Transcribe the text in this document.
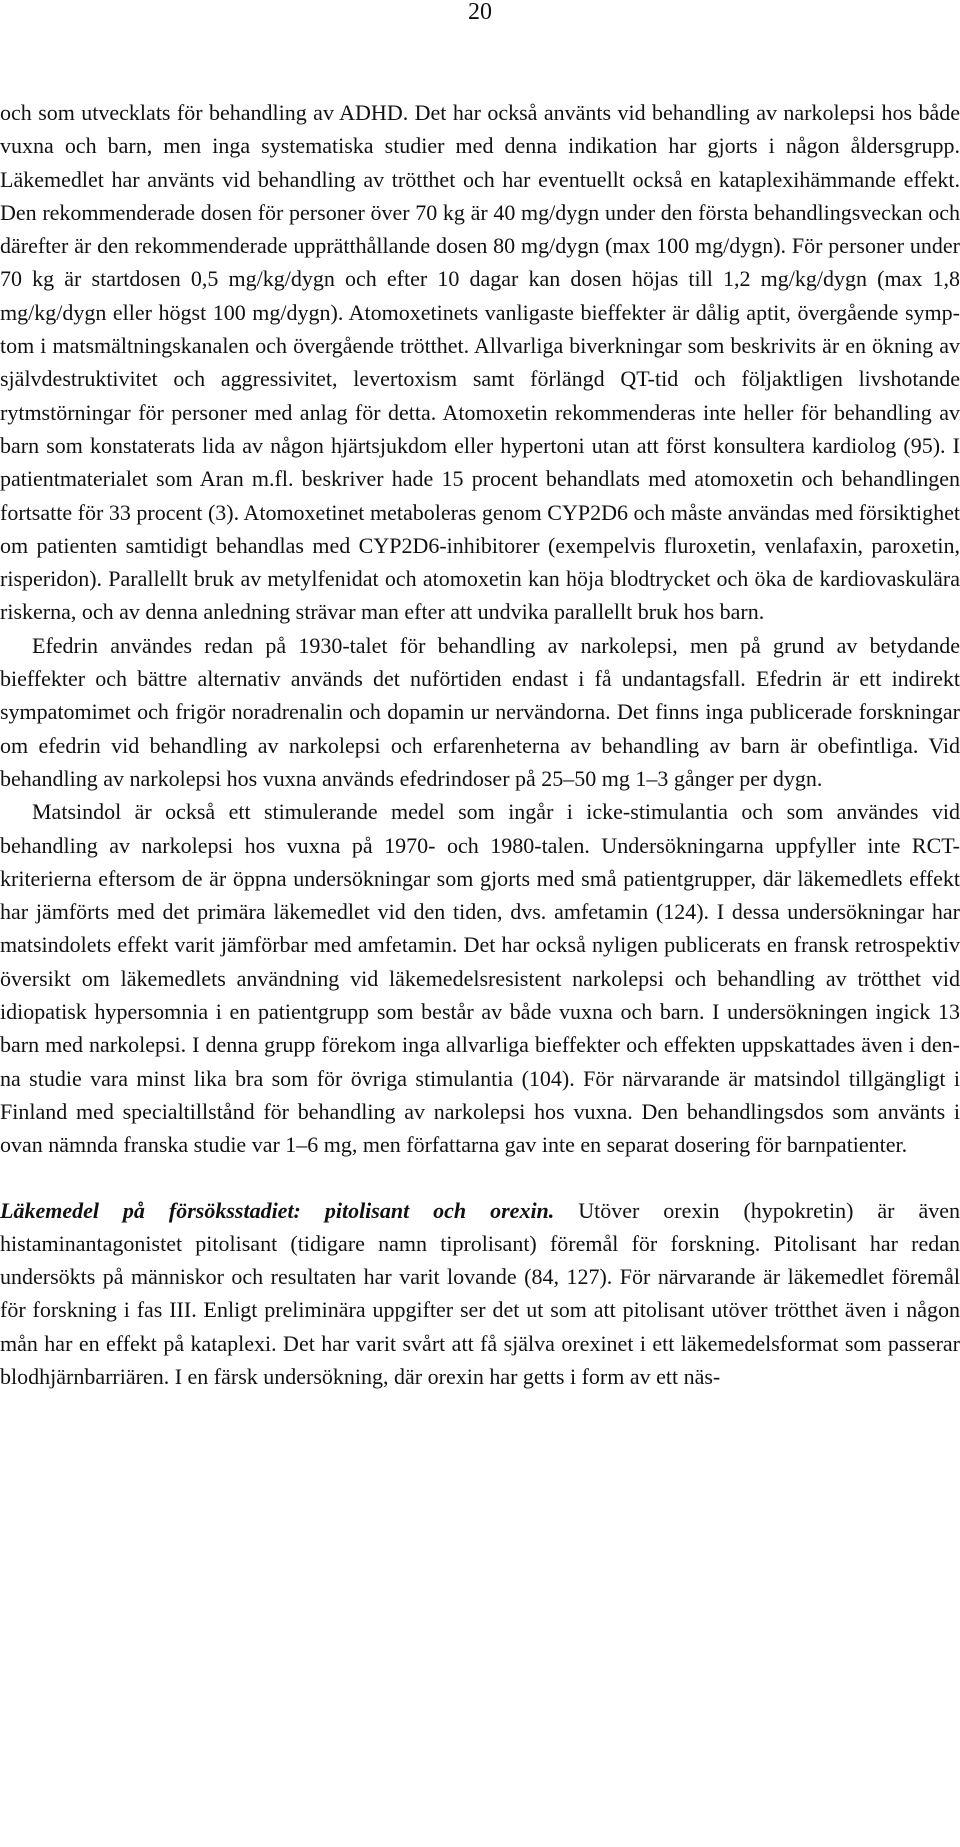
20

och som utvecklats för behandling av ADHD. Det har också använts vid behandling av narkolepsi hos både vuxna och barn, men inga systematiska studier med denna indikation har gjorts i någon åldersgrupp. Läkemedlet har använts vid behandling av trötthet och har eventuellt också en kataplexihämmande effekt. Den rekommenderade dosen för personer över 70 kg är 40 mg/dygn under den första behandlingsveckan och därefter är den rekommenderade upprätthållande dosen 80 mg/dygn (max 100 mg/dygn). För personer under 70 kg är startdosen 0,5 mg/kg/dygn och efter 10 dagar kan dosen höjas till 1,2 mg/kg/dygn (max 1,8 mg/kg/dygn eller högst 100 mg/dygn). Atomoxetinets vanligaste bieffekter är dålig aptit, övergående symptom i matsmältningskanalen och övergående trötthet. Allvarliga biverkningar som beskrivits är en ökning av självdestruktivitet och aggressivitet, levertoxism samt förlängd QT-tid och följaktligen livshotande rytmstörningar för personer med anlag för detta. Atomoxetin rekommenderas inte heller för behandling av barn som konstaterats lida av någon hjärtsjukdom eller hypertoni utan att först konsultera kardiolog (95). I patientmaterialet som Aran m.fl. beskriver hade 15 procent behandlats med atomoxetin och behandlingen fortsatte för 33 procent (3). Atomoxetinet metaboleras genom CYP2D6 och måste användas med försiktighet om patienten samtidigt behandlas med CYP2D6-inhibitorer (exempelvis fluroxetin, venlafaxin, paroxetin, risperidon). Parallellt bruk av metylfenidat och atomoxetin kan höja blodtrycket och öka de kardiovaskulära riskerna, och av denna anledning strävar man efter att undvika parallellt bruk hos barn.

Efedrin användes redan på 1930-talet för behandling av narkolepsi, men på grund av betydande bieffekter och bättre alternativ används det nuförtiden endast i få undantagsfall. Efedrin är ett indirekt sympatomimet och frigör noradrenalin och dopamin ur nervändorna. Det finns inga publicerade forskningar om efedrin vid behandling av narkolepsi och erfarenheterna av behandling av barn är obefintliga. Vid behandling av narkolepsi hos vuxna används efedrindoser på 25–50 mg 1–3 gånger per dygn.

Matsindol är också ett stimulerande medel som ingår i icke-stimulantia och som användes vid behandling av narkolepsi hos vuxna på 1970- och 1980-talen. Undersökningarna uppfyller inte RCT-kriterierna eftersom de är öppna undersökningar som gjorts med små patientgrupper, där läkemedlets effekt har jämförts med det primära läkemedlet vid den tiden, dvs. amfetamin (124). I dessa undersökningar har matsindolets effekt varit jämförbar med amfetamin. Det har också nyligen publicerats en fransk retrospektiv översikt om läkemedlets användning vid läkemedelsresistent narkolepsi och behandling av trötthet vid idiopatisk hypersomnia i en patientgrupp som består av både vuxna och barn. I undersökningen ingick 13 barn med narkolepsi. I denna grupp förekom inga allvarliga bieffekter och effekten uppskattades även i denna studie vara minst lika bra som för övriga stimulantia (104). För närvarande är matsindol tillgängligt i Finland med specialtillstånd för behandling av narkolepsi hos vuxna. Den behandlingsdos som använts i ovan nämnda franska studie var 1–6 mg, men författarna gav inte en separat dosering för barnpatienter.

Läkemedel på försöksstadiet: pitolisant och orexin. Utöver orexin (hypokretin) är även histaminantagonistet pitolisant (tidigare namn tiprolisant) föremål för forskning. Pitolisant har redan undersökts på människor och resultaten har varit lovande (84, 127). För närvarande är läkemedlet föremål för forskning i fas III. Enligt preliminära uppgifter ser det ut som att pitolisant utöver trötthet även i någon mån har en effekt på kataplexi. Det har varit svårt att få själva orexinet i ett läkemedelsformat som passerar blodhjärnbarriären. I en färsk undersökning, där orexin har getts i form av ett näs-
